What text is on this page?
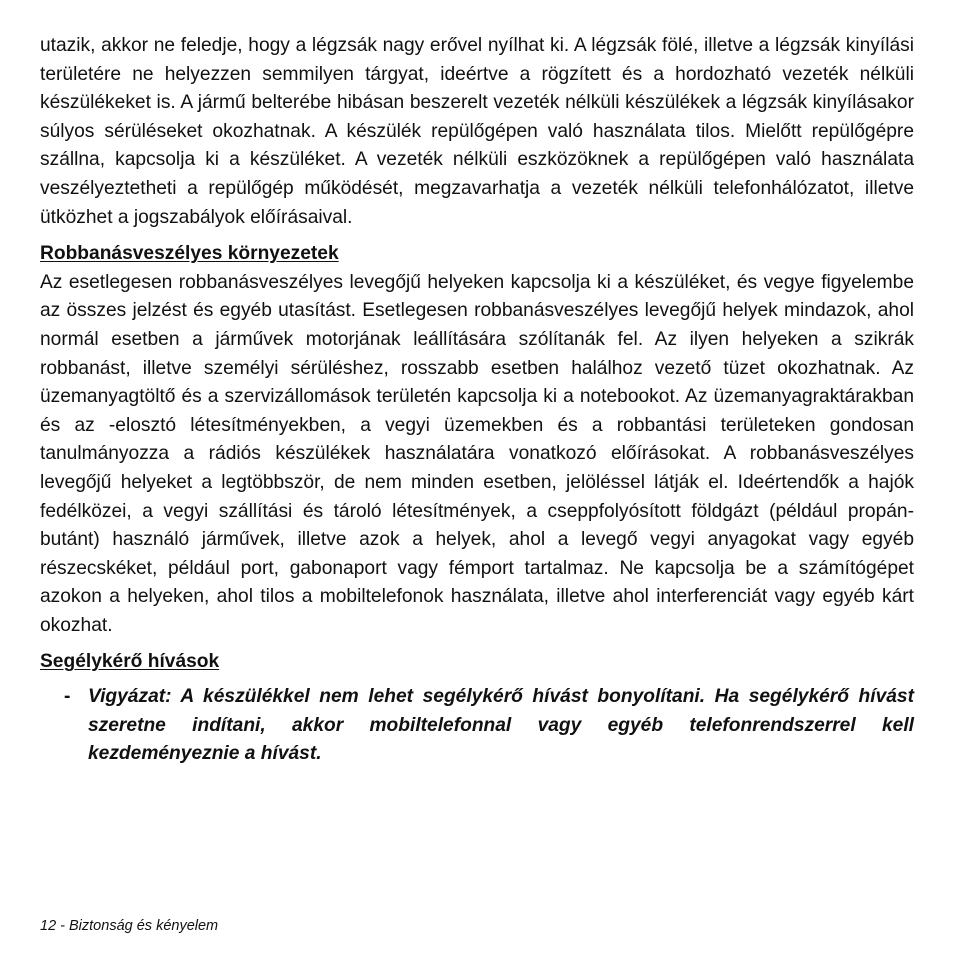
utazik, akkor ne feledje, hogy a légzsák nagy erővel nyílhat ki. A légzsák fölé, illetve a légzsák kinyílási területére ne helyezzen semmilyen tárgyat, ideértve a rögzített és a hordozható vezeték nélküli készülékeket is. A jármű belterébe hibásan beszerelt vezeték nélküli készülékek a légzsák kinyílásakor súlyos sérüléseket okozhatnak. A készülék repülőgépen való használata tilos. Mielőtt repülőgépre szállna, kapcsolja ki a készüléket. A vezeték nélküli eszközöknek a repülőgépen való használata veszélyeztetheti a repülőgép működését, megzavarhatja a vezeték nélküli telefonhálózatot, illetve ütközhet a jogszabályok előírásaival.

Robbanásveszélyes környezetek

Az esetlegesen robbanásveszélyes levegőjű helyeken kapcsolja ki a készüléket, és vegye figyelembe az összes jelzést és egyéb utasítást. Esetlegesen robbanásveszélyes levegőjű helyek mindazok, ahol normál esetben a járművek motorjának leállítására szólítanák fel. Az ilyen helyeken a szikrák robbanást, illetve személyi sérüléshez, rosszabb esetben halálhoz vezető tüzet okozhatnak. Az üzemanyagtöltő és a szervizállomások területén kapcsolja ki a notebookot. Az üzemanyagraktárakban és az -elosztó létesítményekben, a vegyi üzemekben és a robbantási területeken gondosan tanulmányozza a rádiós készülékek használatára vonatkozó előírásokat. A robbanásveszélyes levegőjű helyeket a legtöbbször, de nem minden esetben, jelöléssel látják el. Ideértendők a hajók fedélközei, a vegyi szállítási és tároló létesítmények, a cseppfolyósított földgázt (például propán-butánt) használó járművek, illetve azok a helyek, ahol a levegő vegyi anyagokat vagy egyéb részecskéket, például port, gabonaport vagy fémport tartalmaz. Ne kapcsolja be a számítógépet azokon a helyeken, ahol tilos a mobiltelefonok használata, illetve ahol interferenciát vagy egyéb kárt okozhat.

Segélykérő hívások
- Vigyázat: A készülékkel nem lehet segélykérő hívást bonyolítani. Ha segélykérő hívást szeretne indítani, akkor mobiltelefonnal vagy egyéb telefonrendszerrel kell kezdeményeznie a hívást.

12 - Biztonság és kényelem
